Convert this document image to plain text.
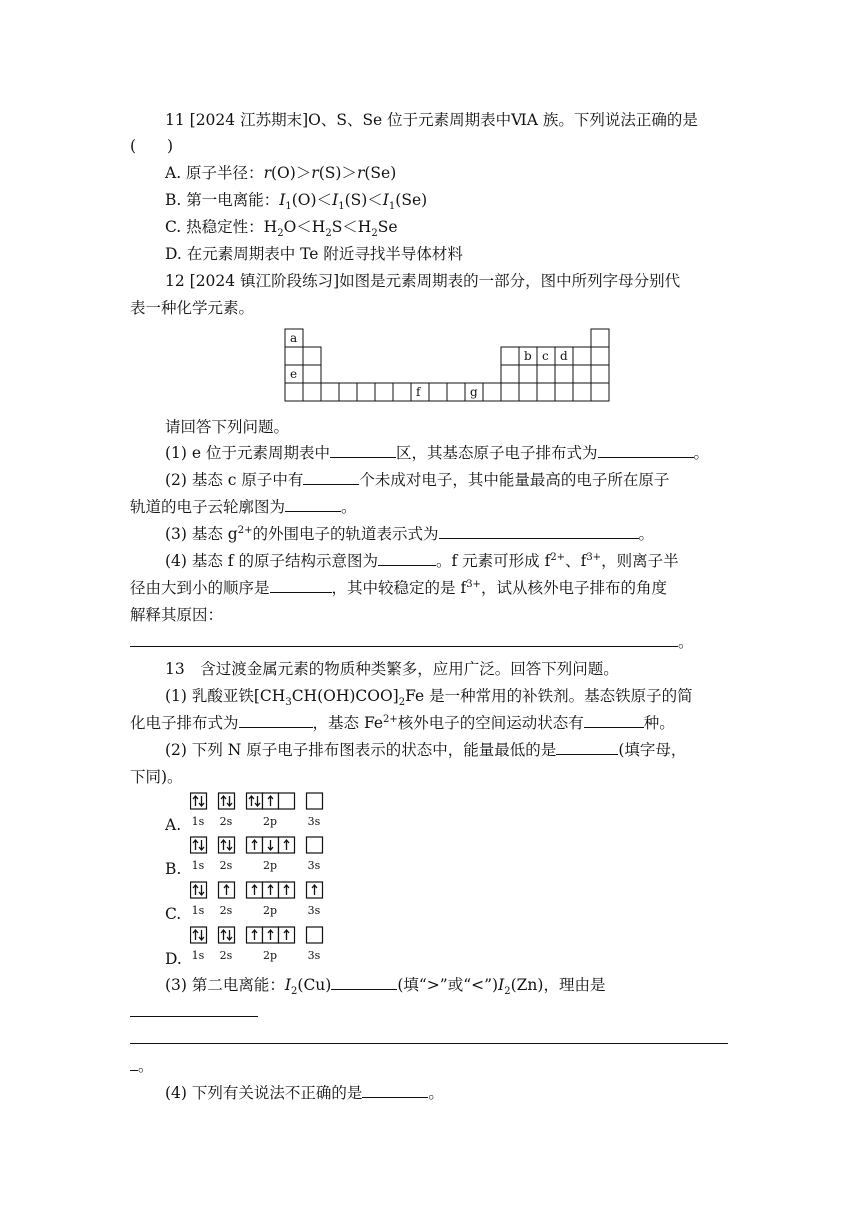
11 [2024 江苏期末]O、S、Se 位于元素周期表中ⅥA 族。下列说法正确的是
(　　)
A. 原子半径：r(O)＞r(S)＞r(Se)
B. 第一电离能：$I_1(O)<I_1(S)<I_1(Se)$
C. 热稳定性：$H_2O<H_2S<H_2Se$
D. 在元素周期表中 Te 附近寻找半导体材料
12 [2024 镇江阶段练习]如图是元素周期表的一部分，图中所列字母分别代
表一种化学元素。
a
e
b c d
f	g
请回答下列问题。
(1) e 位于元素周期表中	区，其基态原子电子排布式为	。
(2) 基态 c 原子中有	个未成对电子，其中能量最高的电子所在原子
轨道的电子云轮廓图为	。
(3) 基态 $g^{2+}$的外围电子的轨道表示式为	。
(4) 基态 f 的原子结构示意图为	。f 元素可形成 $f^{2+}$、$f^{3+}$，则离子半
径由大到小的顺序是	，其中较稳定的是 $f^{3+}$，试从核外电子排布的角度
解释其原因：
。
13　含过渡金属元素的物质种类繁多，应用广泛。回答下列问题。
(1) 乳酸亚铁$[CH_3CH(OH)COO]_2Fe$ 是一种常用的补铁剂。基态铁原子的简
化电子排布式为	，基态 $Fe^{2+}$核外电子的空间运动状态有	种。
(2) 下列 N 原子电子排布图表示的状态中，能量最低的是	(填字母，
下同)。
A. 1s 2s	2p	3s
B. 1s 2s	2p	3s
C. 1s 2s	2p	3s
D. 1s 2s	2p	3s
(3) 第二电离能：$I_2(Cu)$	(填“>”或“$<”)I_2(Zn)$，理由是
。
(4) 下列有关说法不正确的是	。
